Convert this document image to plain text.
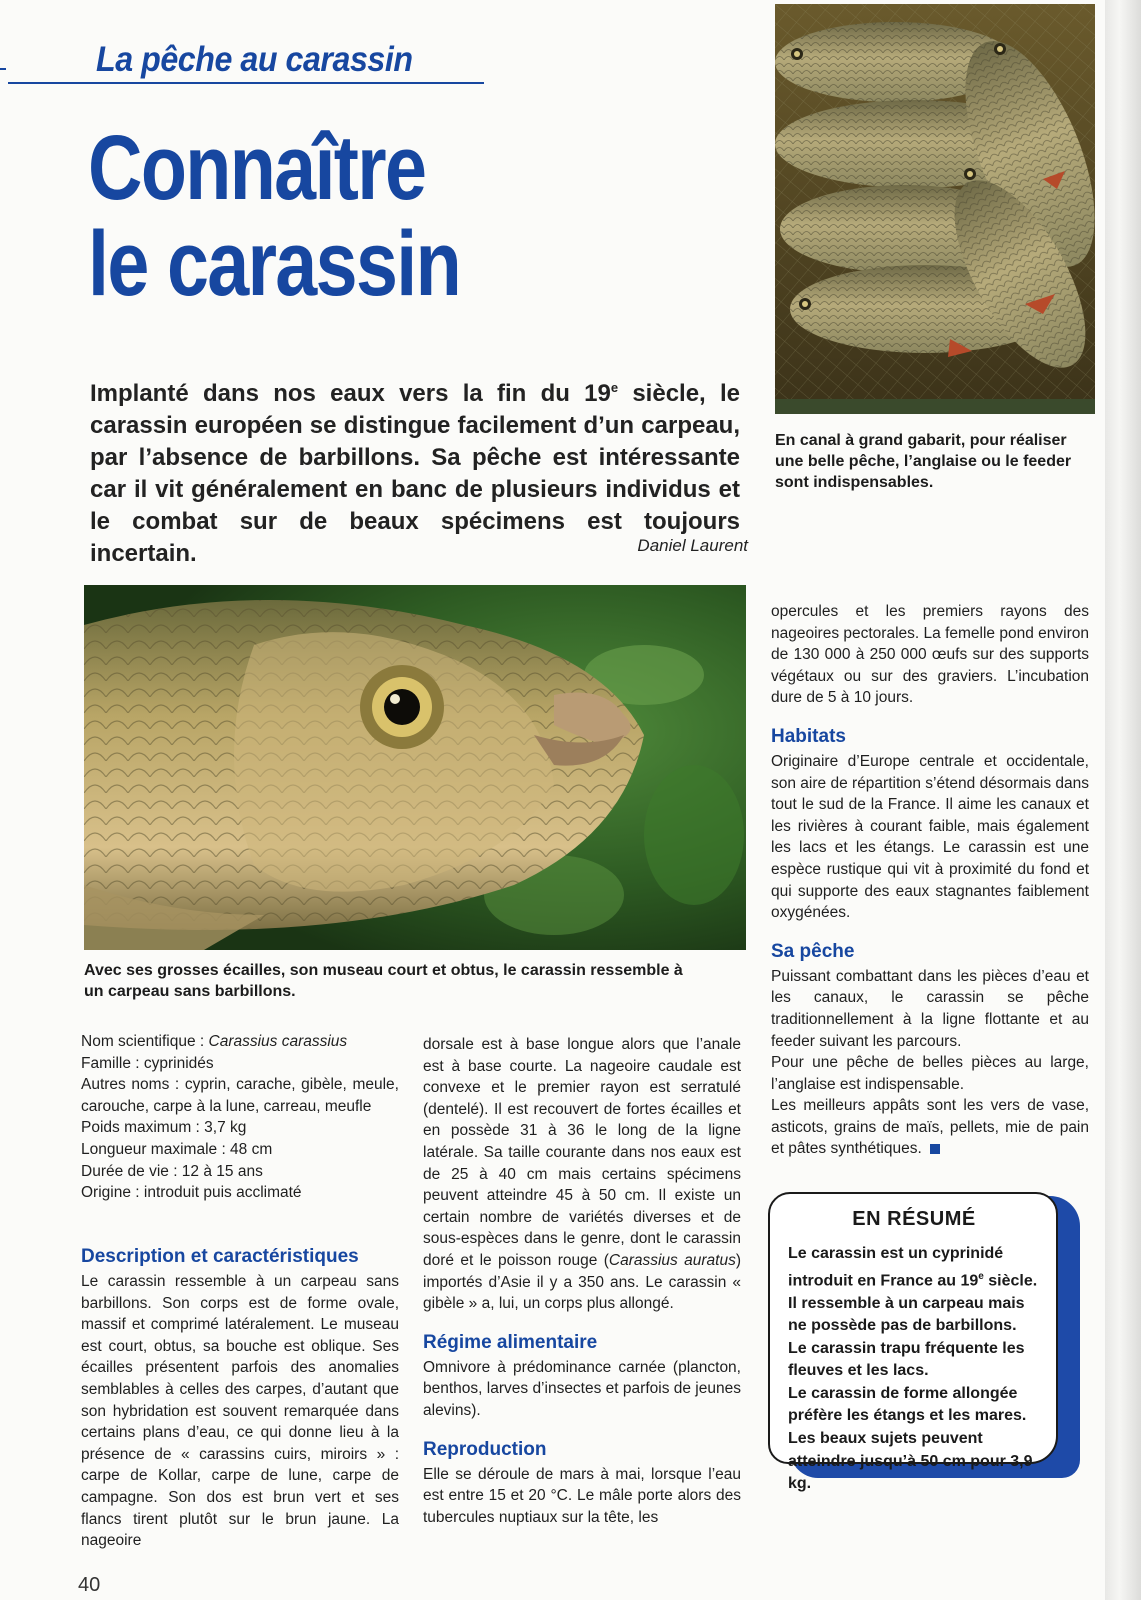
La pêche au carassin
Connaître
le carassin
En canal à grand gabarit, pour réaliser une belle pêche, l’anglaise ou le feeder sont indispensables.
Implanté dans nos eaux vers la fin du 19e siècle, le carassin européen se distingue facilement d’un carpeau, par l’absence de barbillons. Sa pêche est intéressante car il vit généralement en banc de plusieurs individus et le combat sur de beaux spécimens est toujours incertain.	Daniel Laurent
Avec ses grosses écailles, son museau court et obtus, le carassin ressemble à un carpeau sans barbillons.
Nom scientifique : Carassius carassius
Famille : cyprinidés
Autres noms : cyprin, carache, gibèle, meule, carouche, carpe à la lune, carreau, meufle
Poids maximum : 3,7 kg
Longueur maximale : 48 cm
Durée de vie : 12 à 15 ans
Origine : introduit puis acclimaté
Description et caractéristiques

Le carassin ressemble à un carpeau sans barbillons. Son corps est de forme ovale, massif et comprimé latéralement. Le museau est court, obtus, sa bouche est oblique. Ses écailles présentent parfois des anomalies semblables à celles des carpes, d’autant que son hybridation est souvent remarquée dans certains plans d’eau, ce qui donne lieu à la présence de « carassins cuirs, miroirs » : carpe de Kollar, carpe de lune, carpe de campagne. Son dos est brun vert et ses flancs tirent plutôt sur le brun jaune. La nageoire

dorsale est à base longue alors que l’anale est à base courte. La nageoire caudale est convexe et le premier rayon est serratulé (dentelé). Il est recouvert de fortes écailles et en possède 31 à 36 le long de la ligne latérale. Sa taille courante dans nos eaux est de 25 à 40 cm mais certains spécimens peuvent atteindre 45 à 50 cm. Il existe un certain nombre de variétés diverses et de sous-espèces dans le genre, dont le carassin doré et le poisson rouge (Carassius auratus) importés d’Asie il y a 350 ans. Le carassin « gibèle » a, lui, un corps plus allongé.

Régime alimentaire

Omnivore à prédominance carnée (plancton, benthos, larves d’insectes et parfois de jeunes alevins).

Reproduction

Elle se déroule de mars à mai, lorsque l’eau est entre 15 et 20 °C. Le mâle porte alors des tubercules nuptiaux sur la tête, les

opercules et les premiers rayons des nageoires pectorales. La femelle pond environ de 130 000 à 250 000 œufs sur des supports végétaux ou sur des graviers. L’incubation dure de 5 à 10 jours.

Habitats

Originaire d’Europe centrale et occidentale, son aire de répartition s’étend désormais dans tout le sud de la France. Il aime les canaux et les rivières à courant faible, mais également les lacs et les étangs. Le carassin est une espèce rustique qui vit à proximité du fond et qui supporte des eaux stagnantes faiblement oxygénées.

Sa pêche

Puissant combattant dans les pièces d’eau et les canaux, le carassin se pêche traditionnellement à la ligne flottante et au feeder suivant les parcours.

Pour une pêche de belles pièces au large, l’anglaise est indispensable.

Les meilleurs appâts sont les vers de vase, asticots, grains de maïs, pellets, mie de pain et pâtes synthétiques.

EN RÉSUMÉ

Le carassin est un cyprinidé introduit en France au 19e siècle. Il ressemble à un carpeau mais ne possède pas de barbillons.

Le carassin trapu fréquente les fleuves et les lacs.

Le carassin de forme allongée préfère les étangs et les mares.

Les beaux sujets peuvent atteindre jusqu’à 50 cm pour 3,9 kg.

40
